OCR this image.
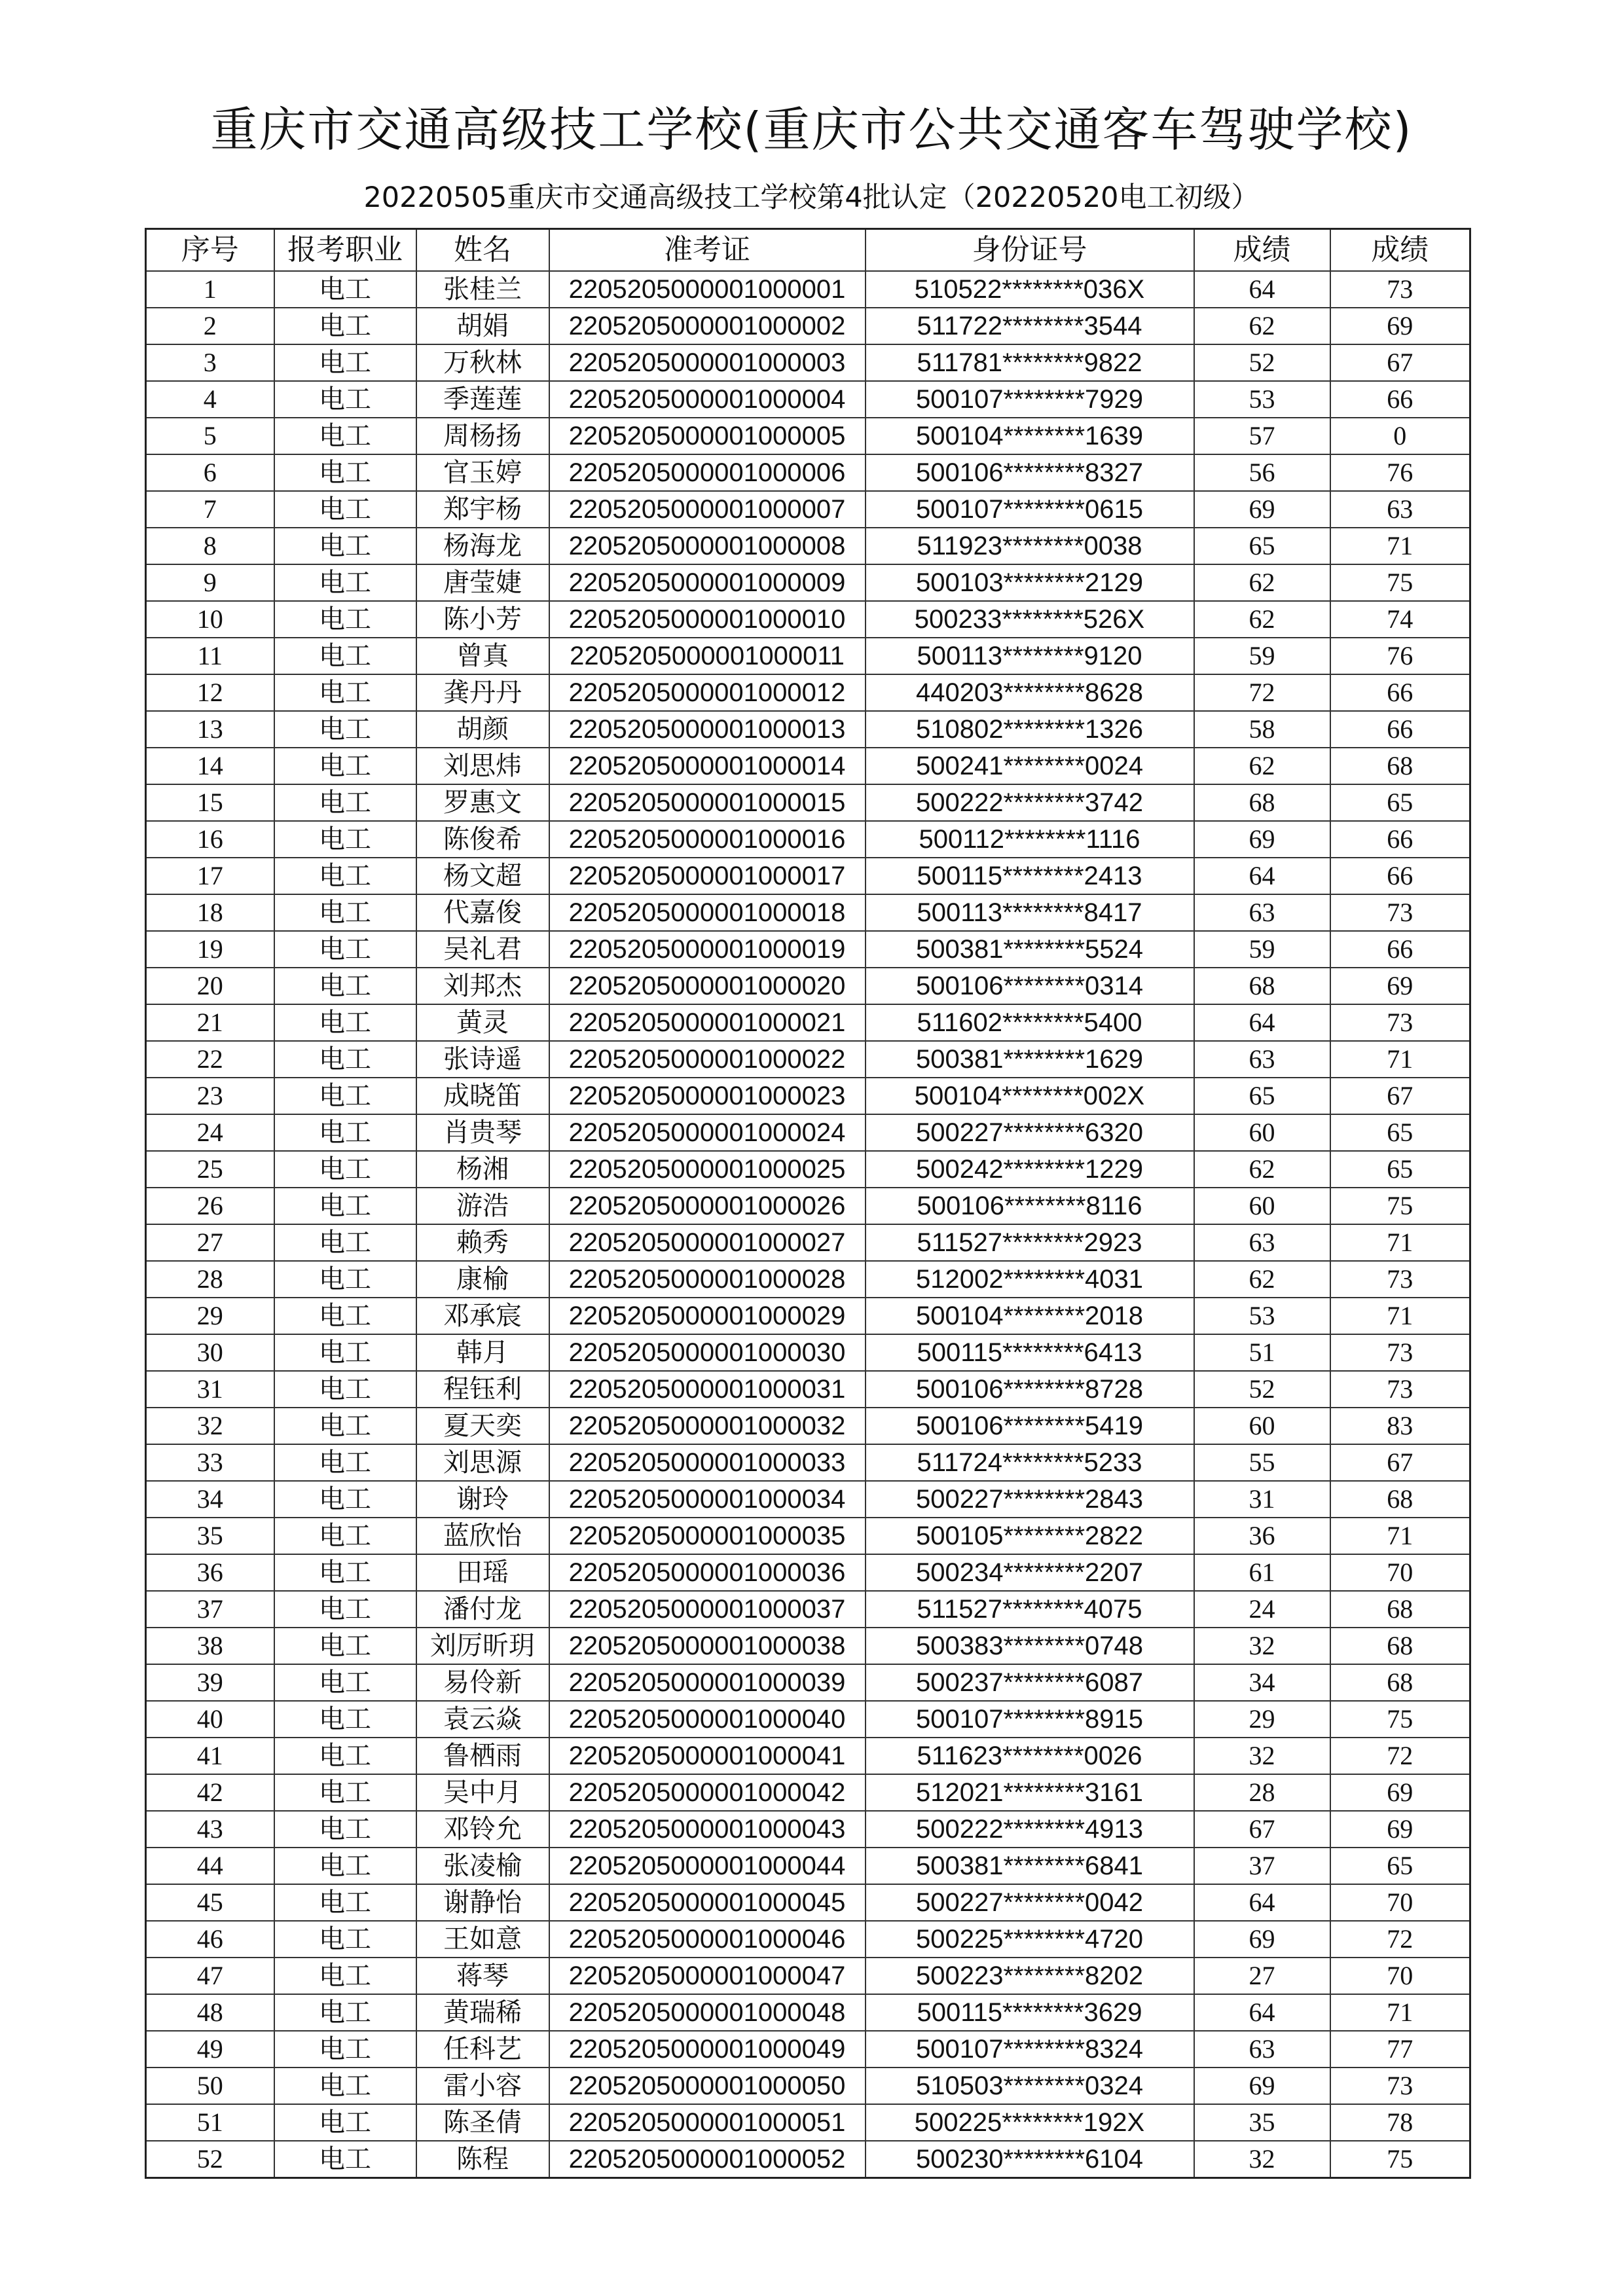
重庆市交通高级技工学校(重庆市公共交通客车驾驶学校)
20220505重庆市交通高级技工学校第4批认定（20220520电工初级）
序号	报考职业	姓名	准考证	身份证号	成绩	成绩
1	电工	张桂兰	2205205000001000001	510522********036X	64	73
2	电工	胡娟	2205205000001000002	511722********3544	62	69
3	电工	万秋林	2205205000001000003	511781********9822	52	67
4	电工	季莲莲	2205205000001000004	500107********7929	53	66
5	电工	周杨扬	2205205000001000005	500104********1639	57	0
6	电工	官玉婷	2205205000001000006	500106********8327	56	76
7	电工	郑宇杨	2205205000001000007	500107********0615	69	63
8	电工	杨海龙	2205205000001000008	511923********0038	65	71
9	电工	唐莹婕	2205205000001000009	500103********2129	62	75
10	电工	陈小芳	2205205000001000010	500233********526X	62	74
11	电工	曾真	2205205000001000011	500113********9120	59	76
12	电工	龚丹丹	2205205000001000012	440203********8628	72	66
13	电工	胡颜	2205205000001000013	510802********1326	58	66
14	电工	刘思炜	2205205000001000014	500241********0024	62	68
15	电工	罗惠文	2205205000001000015	500222********3742	68	65
16	电工	陈俊希	2205205000001000016	500112********1116	69	66
17	电工	杨文超	2205205000001000017	500115********2413	64	66
18	电工	代嘉俊	2205205000001000018	500113********8417	63	73
19	电工	吴礼君	2205205000001000019	500381********5524	59	66
20	电工	刘邦杰	2205205000001000020	500106********0314	68	69
21	电工	黄灵	2205205000001000021	511602********5400	64	73
22	电工	张诗遥	2205205000001000022	500381********1629	63	71
23	电工	成晓笛	2205205000001000023	500104********002X	65	67
24	电工	肖贵琴	2205205000001000024	500227********6320	60	65
25	电工	杨湘	2205205000001000025	500242********1229	62	65
26	电工	游浩	2205205000001000026	500106********8116	60	75
27	电工	赖秀	2205205000001000027	511527********2923	63	71
28	电工	康榆	2205205000001000028	512002********4031	62	73
29	电工	邓承宸	2205205000001000029	500104********2018	53	71
30	电工	韩月	2205205000001000030	500115********6413	51	73
31	电工	程钰利	2205205000001000031	500106********8728	52	73
32	电工	夏天奕	2205205000001000032	500106********5419	60	83
33	电工	刘思源	2205205000001000033	511724********5233	55	67
34	电工	谢玲	2205205000001000034	500227********2843	31	68
35	电工	蓝欣怡	2205205000001000035	500105********2822	36	71
36	电工	田瑶	2205205000001000036	500234********2207	61	70
37	电工	潘付龙	2205205000001000037	511527********4075	24	68
38	电工	刘厉昕玥	2205205000001000038	500383********0748	32	68
39	电工	易伶新	2205205000001000039	500237********6087	34	68
40	电工	袁云焱	2205205000001000040	500107********8915	29	75
41	电工	鲁栖雨	2205205000001000041	511623********0026	32	72
42	电工	吴中月	2205205000001000042	512021********3161	28	69
43	电工	邓铃允	2205205000001000043	500222********4913	67	69
44	电工	张凌榆	2205205000001000044	500381********6841	37	65
45	电工	谢静怡	2205205000001000045	500227********0042	64	70
46	电工	王如意	2205205000001000046	500225********4720	69	72
47	电工	蒋琴	2205205000001000047	500223********8202	27	70
48	电工	黄瑞稀	2205205000001000048	500115********3629	64	71
49	电工	任科艺	2205205000001000049	500107********8324	63	77
50	电工	雷小容	2205205000001000050	510503********0324	69	73
51	电工	陈圣倩	2205205000001000051	500225********192X	35	78
52	电工	陈程	2205205000001000052	500230********6104	32	75
